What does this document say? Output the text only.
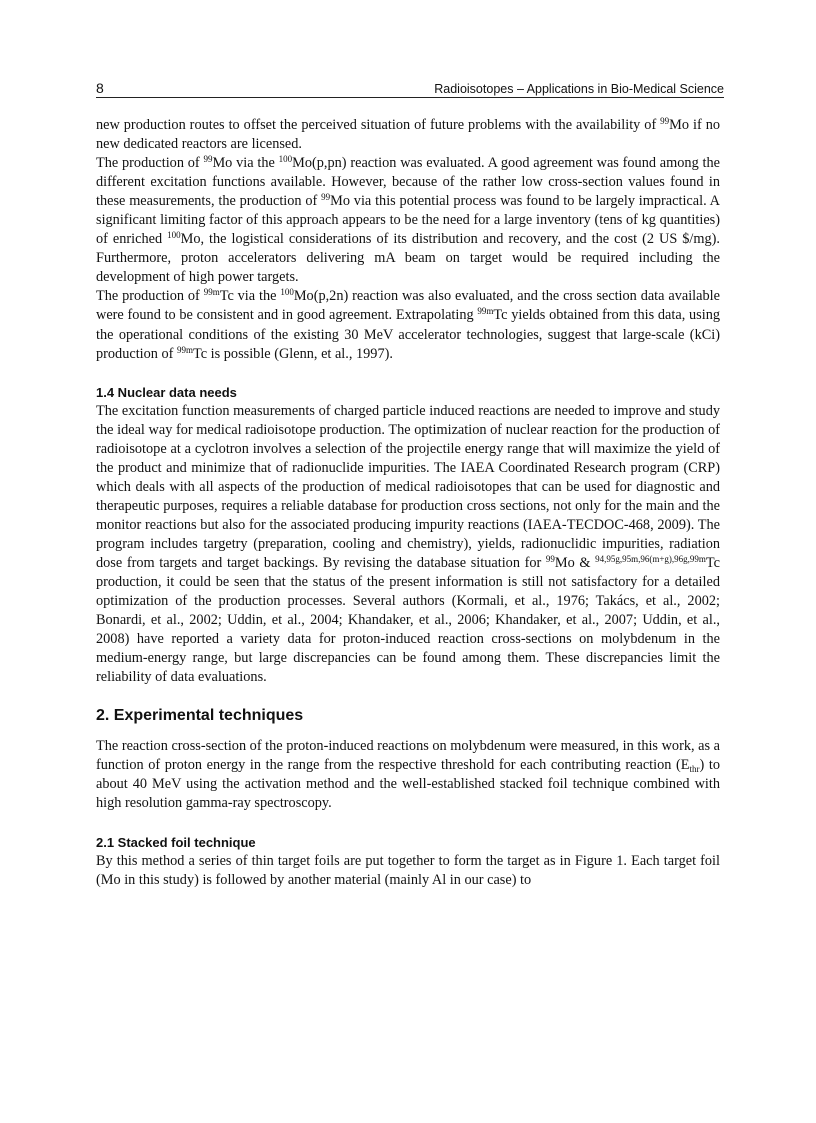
8	Radioisotopes – Applications in Bio-Medical Science

new production routes to offset the perceived situation of future problems with the availability of $^{99}$Mo if no new dedicated reactors are licensed.

The production of $^{99}$Mo via the $^{100}$Mo(p,pn) reaction was evaluated. A good agreement was found among the different excitation functions available. However, because of the rather low cross-section values found in these measurements, the production of $^{99}$Mo via this potential process was found to be largely impractical. A significant limiting factor of this approach appears to be the need for a large inventory (tens of kg quantities) of enriched $^{100}$Mo, the logistical considerations of its distribution and recovery, and the cost (2 US $/mg). Furthermore, proton accelerators delivering mA beam on target would be required including the development of high power targets.

The production of $^{99m}$Tc via the $^{100}$Mo(p,2n) reaction was also evaluated, and the cross section data available were found to be consistent and in good agreement. Extrapolating $^{99m}$Tc yields obtained from this data, using the operational conditions of the existing 30 MeV accelerator technologies, suggest that large-scale (kCi) production of $^{99m}$Tc is possible (Glenn, et al., 1997).

1.4 Nuclear data needs

The excitation function measurements of charged particle induced reactions are needed to improve and study the ideal way for medical radioisotope production. The optimization of nuclear reaction for the production of radioisotope at a cyclotron involves a selection of the projectile energy range that will maximize the yield of the product and minimize that of radionuclide impurities. The IAEA Coordinated Research program (CRP) which deals with all aspects of the production of medical radioisotopes that can be used for diagnostic and therapeutic purposes, requires a reliable database for production cross sections, not only for the main and the monitor reactions but also for the associated producing impurity reactions (IAEA-TECDOC-468, 2009). The program includes targetry (preparation, cooling and chemistry), yields, radionuclidic impurities, radiation dose from targets and target backings. By revising the database situation for $^{99}$Mo & $^{94,95g,95m,96(m+g),96g,99m}$Tc production, it could be seen that the status of the present information is still not satisfactory for a detailed optimization of the production processes. Several authors (Kormali, et al., 1976; Takács, et al., 2002; Bonardi, et al., 2002; Uddin, et al., 2004; Khandaker, et al., 2006; Khandaker, et al., 2007; Uddin, et al., 2008) have reported a variety data for proton-induced reaction cross-sections on molybdenum in the medium-energy range, but large discrepancies can be found among them. These discrepancies limit the reliability of data evaluations.

2. Experimental techniques

The reaction cross-section of the proton-induced reactions on molybdenum were measured, in this work, as a function of proton energy in the range from the respective threshold for each contributing reaction $(E_{thr})$ to about 40 MeV using the activation method and the well-established stacked foil technique combined with high resolution gamma-ray spectroscopy.

2.1 Stacked foil technique

By this method a series of thin target foils are put together to form the target as in Figure 1. Each target foil (Mo in this study) is followed by another material (mainly Al in our case) to
